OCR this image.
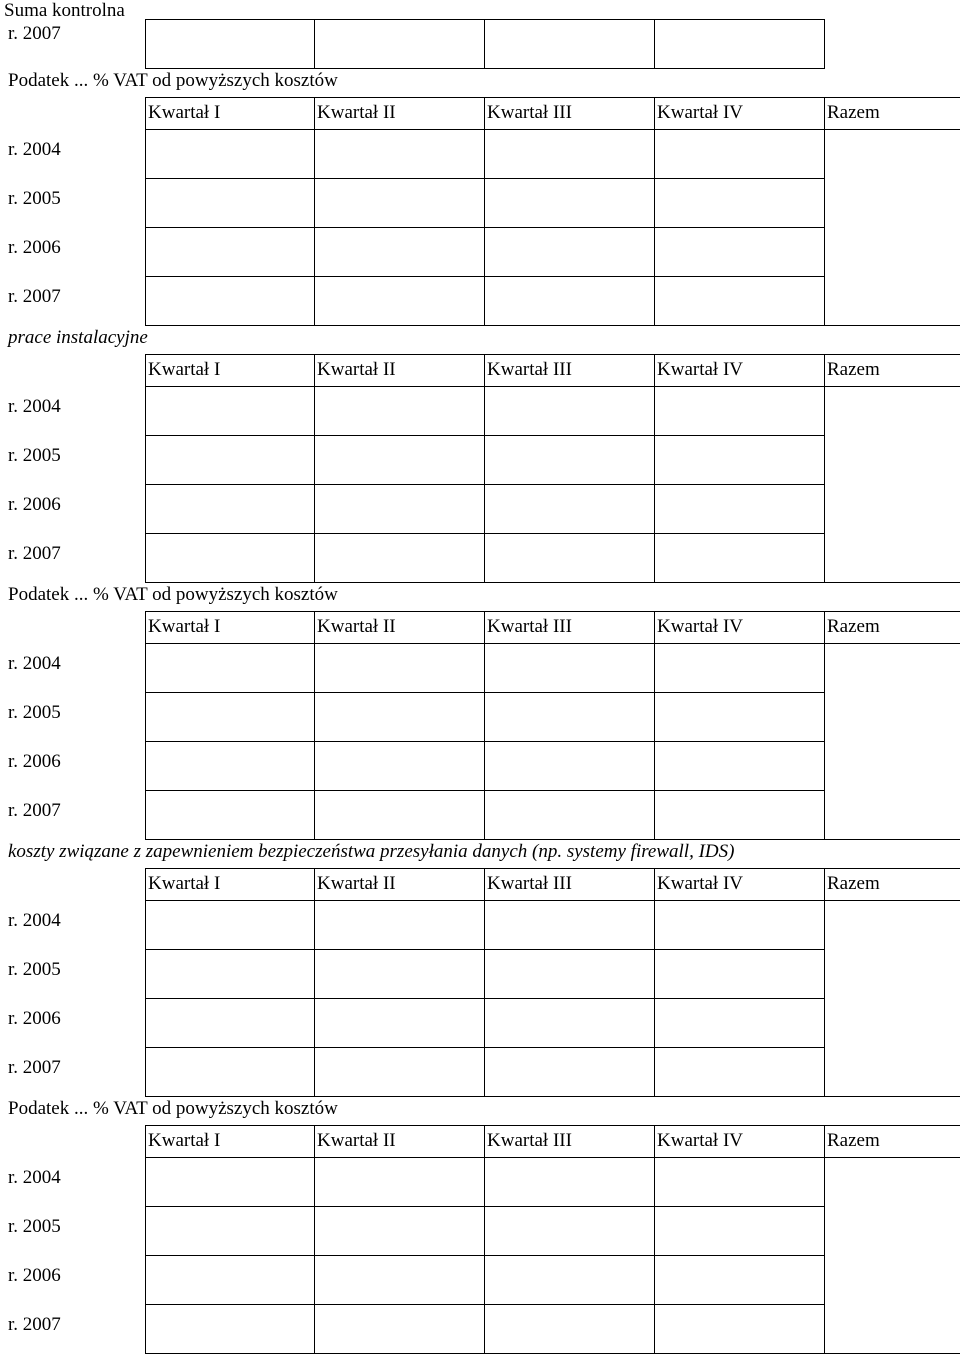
Suma kontrolna
r. 2007
Podatek ... % VAT od powyższych kosztów
Kwartał I	Kwartał II	Kwartał III	Kwartał IV	Razem
r. 2004
r. 2005
r. 2006
r. 2007
prace instalacyjne
Kwartał I	Kwartał II	Kwartał III	Kwartał IV	Razem
r. 2004
r. 2005
r. 2006
r. 2007
Podatek ... % VAT od powyższych kosztów
Kwartał I	Kwartał II	Kwartał III	Kwartał IV	Razem
r. 2004
r. 2005
r. 2006
r. 2007
koszty związane z zapewnieniem bezpieczeństwa przesyłania danych (np. systemy firewall, IDS)
Kwartał I	Kwartał II	Kwartał III	Kwartał IV	Razem
r. 2004
r. 2005
r. 2006
r. 2007
Podatek ... % VAT od powyższych kosztów
Kwartał I	Kwartał II	Kwartał III	Kwartał IV	Razem
r. 2004
r. 2005
r. 2006
r. 2007
